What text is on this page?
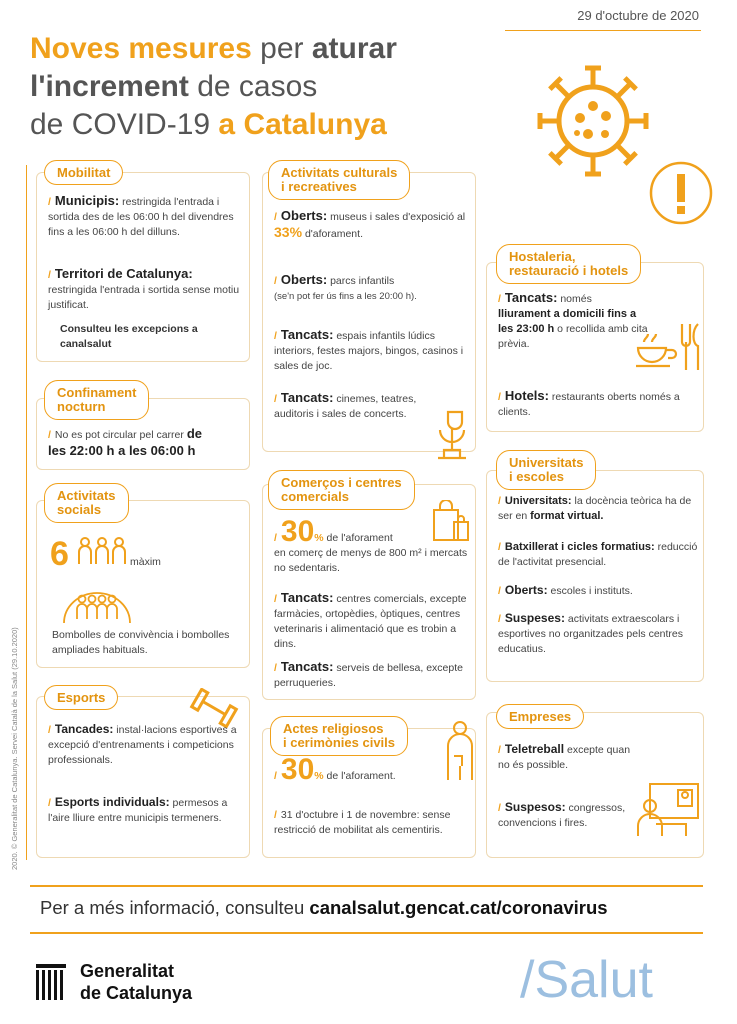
29 d'octubre de 2020
Noves mesures per aturar
l'increment de casos
de COVID-19 a Catalunya
2020. © Generalitat de Catalunya. Servei Català de la Salut (29.10.2020)
Mobilitat
/ Municipis: restringida l'entrada i sortida des de les 06:00 h del divendres fins a les 06:00 h del dilluns.
/ Territori de Catalunya:
restringida l'entrada i sortida sense motiu justificat.
Consulteu les excepcions a canalsalut
Confinament
nocturn
/ No es pot circular pel carrer de
les 22:00 h a les 06:00 h
Activitats
socials
6	màxim
Bombolles de convivència i bombolles ampliades habituals.
Esports
/ Tancades: instal·lacions esportives a excepció d'entrenaments i competicions professionals.
/ Esports individuals: permesos a l'aire lliure entre municipis termeners.
Activitats culturals
i recreatives
/ Oberts: museus i sales d'exposició al 33% d'aforament.
/ Oberts: parcs infantils
(se'n pot fer ús fins a les 20:00 h).
/ Tancats: espais infantils lúdics interiors, festes majors, bingos, casinos i sales de joc.
/ Tancats: cinemes, teatres, auditoris i sales de concerts.
Comerços i centres
comercials
/ 30% de l'aforament
en comerç de menys de 800 m² i mercats no sedentaris.
/ Tancats: centres comercials, excepte farmàcies, ortopèdies, òptiques, centres veterinaris i alimentació que es trobin a dins.
/ Tancats: serveis de bellesa, excepte perruqueries.
Actes religiosos
i cerimònies civils
/ 30% de l'aforament.
/ 31 d'octubre i 1 de novembre: sense restricció de mobilitat als cementiris.
Hostaleria,
restauració i hotels
/ Tancats: només
lliurament a domicili fins a les 23:00 h o recollida amb cita prèvia.
/ Hotels: restaurants oberts només a clients.
Universitats
i escoles
/ Universitats: la docència teòrica ha de ser en format virtual.
/ Batxillerat i cicles formatius: reducció de l'activitat presencial.
/ Oberts: escoles i instituts.
/ Suspeses: activitats extraescolars i esportives no organitzades pels centres educatius.
Empreses
/ Teletreball excepte quan no és possible.
/ Suspesos: congressos, convencions i fires.
Per a més informació, consulteu canalsalut.gencat.cat/coronavirus
Generalitat
de Catalunya	/Salut
